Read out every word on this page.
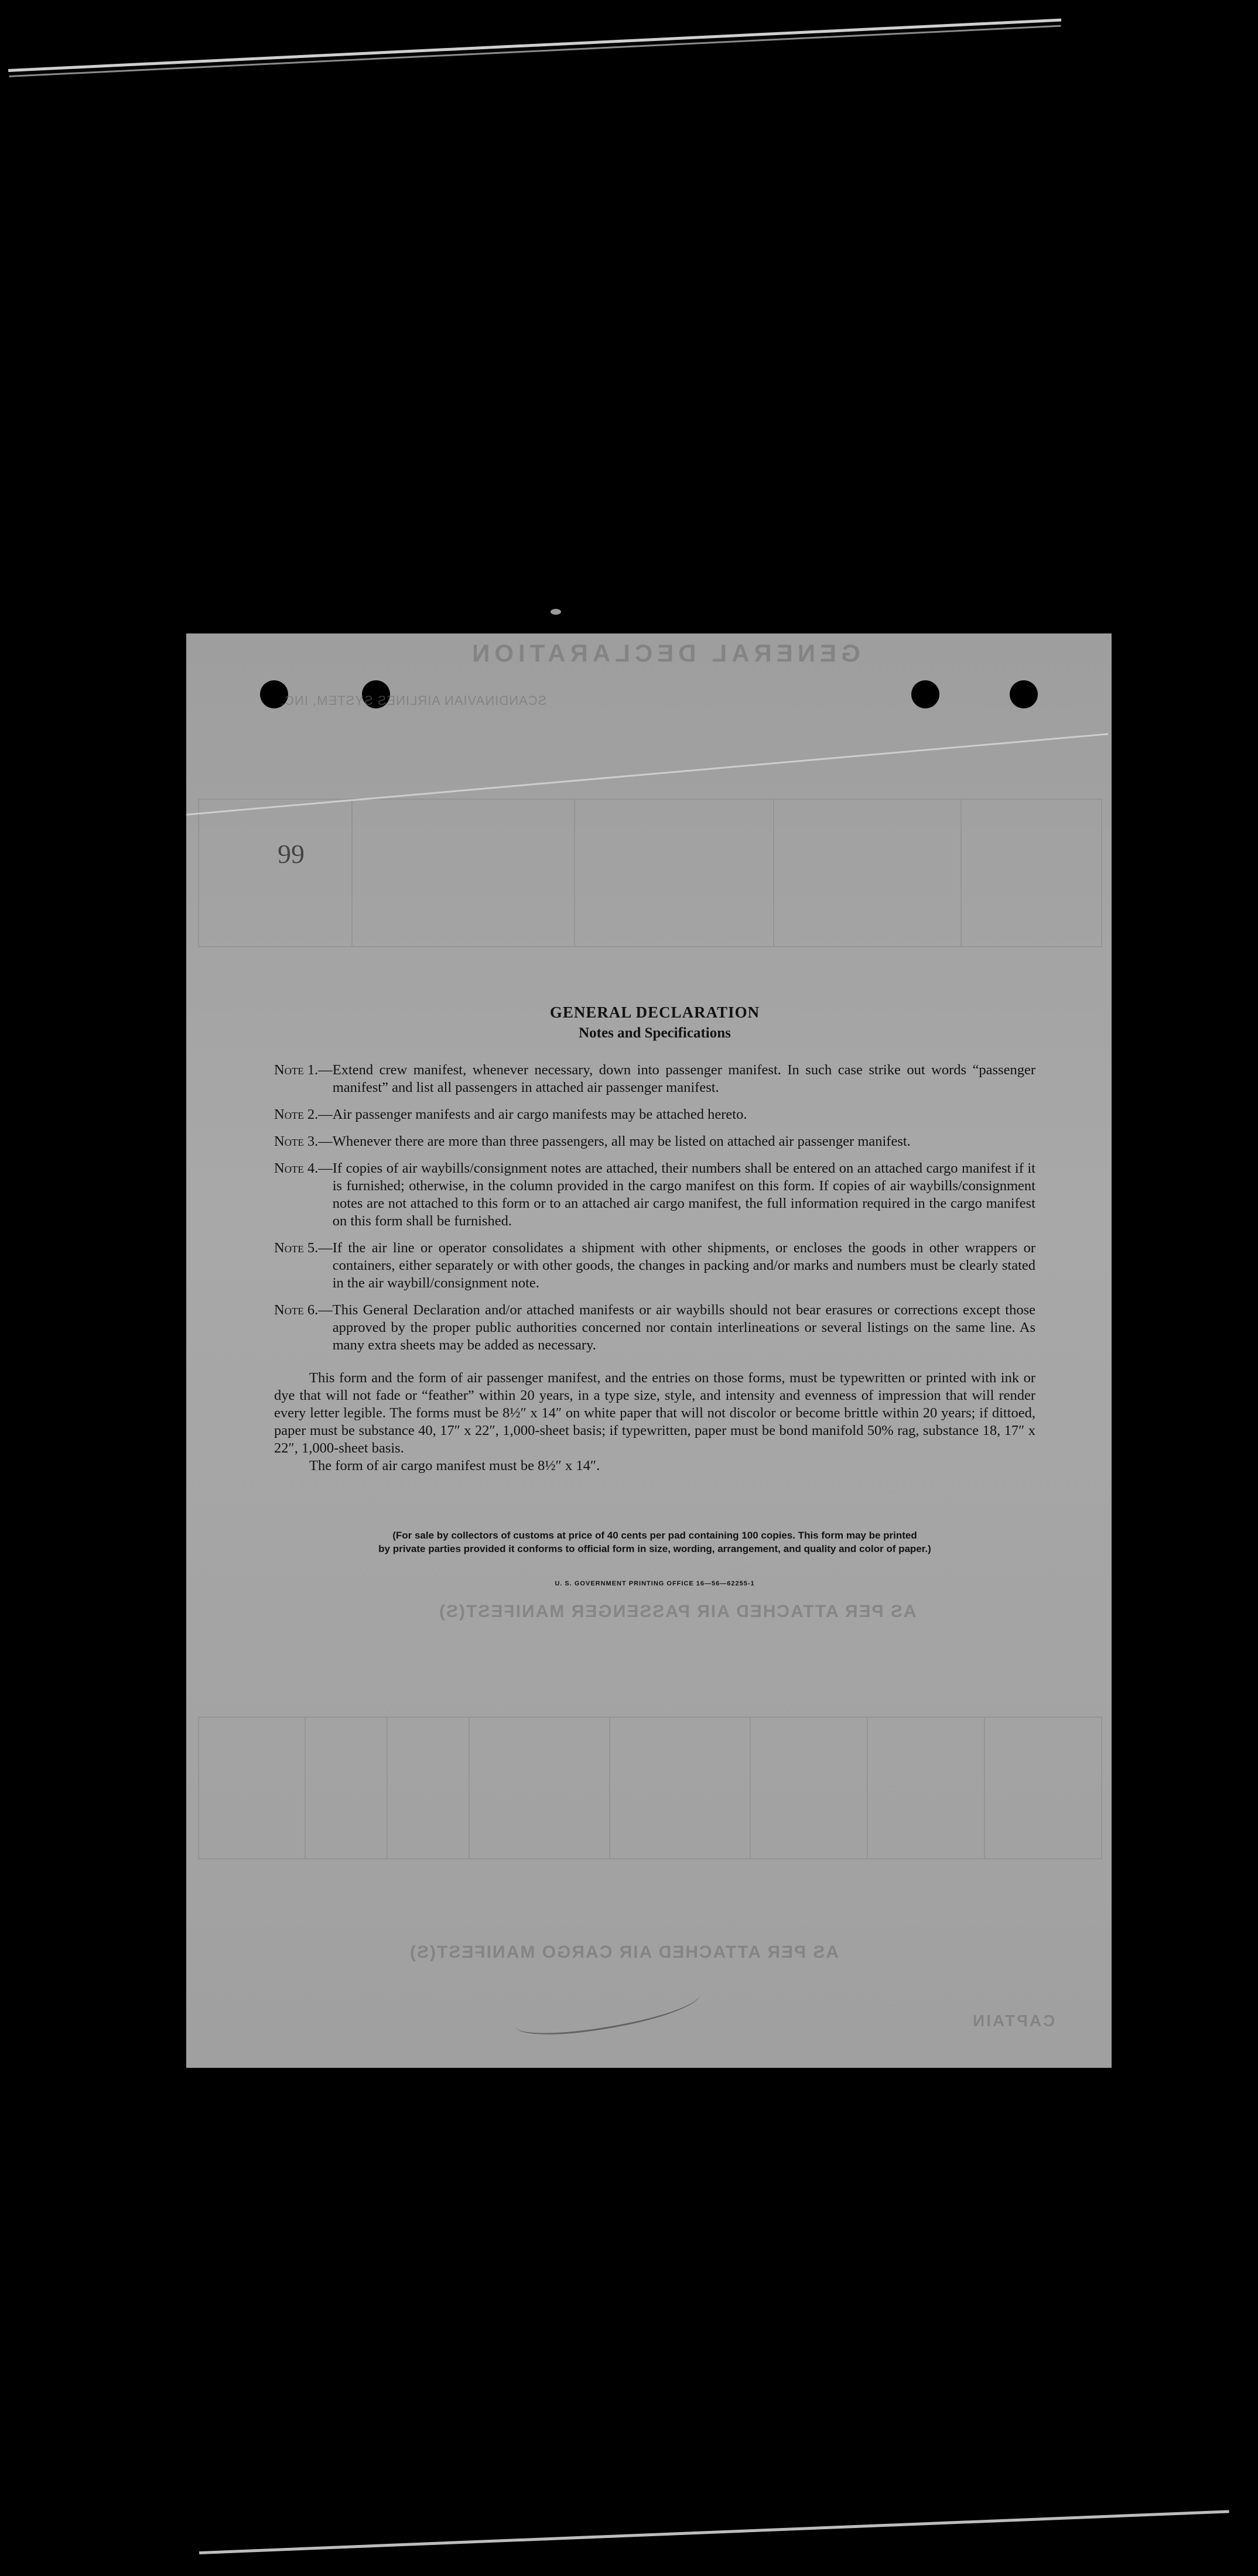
GENERAL DECLARATION
SCANDINAVIAN AIRLINES SYSTEM, INC.
99
AS PER ATTACHED AIR PASSENGER MANIFEST(S)
AS PER ATTACHED AIR CARGO MANIFEST(S)
CAPTAIN
GENERAL DECLARATION
Notes and Specifications
Note 1.— Extend crew manifest, whenever necessary, down into passenger manifest. In such case strike out words “passenger manifest” and list all passengers in attached air passenger manifest.
Note 2.— Air passenger manifests and air cargo manifests may be attached hereto.
Note 3.— Whenever there are more than three passengers, all may be listed on attached air passenger manifest.
Note 4.— If copies of air waybills/consignment notes are attached, their numbers shall be entered on an attached cargo manifest if it is furnished; otherwise, in the column provided in the cargo manifest on this form. If copies of air waybills/consignment notes are not attached to this form or to an attached air cargo manifest, the full information required in the cargo manifest on this form shall be furnished.
Note 5.— If the air line or operator consolidates a shipment with other shipments, or encloses the goods in other wrappers or containers, either separately or with other goods, the changes in packing and/or marks and numbers must be clearly stated in the air waybill/consignment note.
Note 6.— This General Declaration and/or attached manifests or air waybills should not bear erasures or corrections except those approved by the proper public authorities concerned nor contain interlineations or several listings on the same line. As many extra sheets may be added as necessary.

This form and the form of air passenger manifest, and the entries on those forms, must be typewritten or printed with ink or dye that will not fade or “feather” within 20 years, in a type size, style, and intensity and evenness of impression that will render every letter legible. The forms must be 8½″ x 14″ on white paper that will not discolor or become brittle within 20 years; if dittoed, paper must be substance 40, 17″ x 22″, 1,000-sheet basis; if typewritten, paper must be bond manifold 50% rag, substance 18, 17″ x 22″, 1,000-sheet basis.

The form of air cargo manifest must be 8½″ x 14″.

(For sale by collectors of customs at price of 40 cents per pad containing 100 copies. This form may be printed
by private parties provided it conforms to official form in size, wording, arrangement, and quality and color of paper.)
U. S. GOVERNMENT PRINTING OFFICE 16—56—62255-1
